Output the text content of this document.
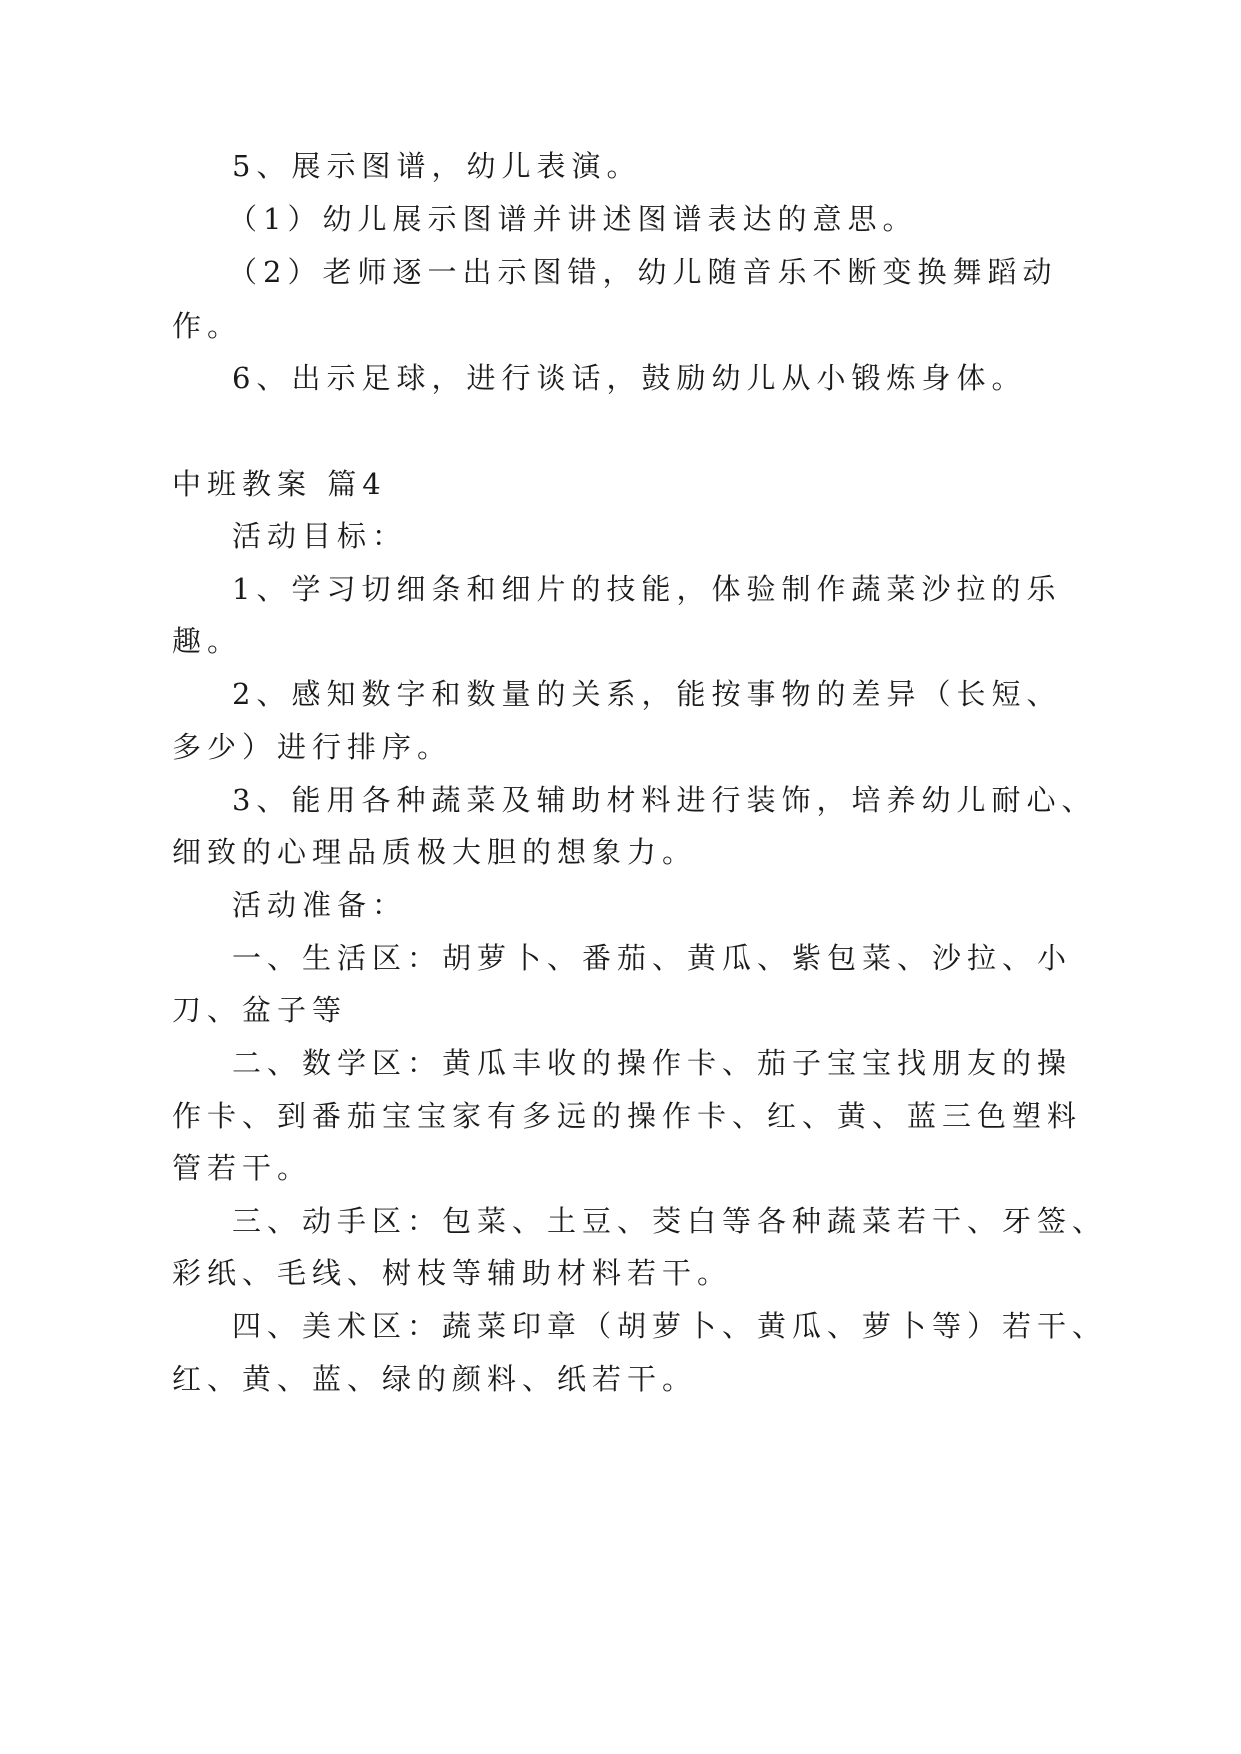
5、展示图谱，幼儿表演。
（1）幼儿展示图谱并讲述图谱表达的意思。
（2）老师逐一出示图错，幼儿随音乐不断变换舞蹈动
作。
6、出示足球，进行谈话，鼓励幼儿从小锻炼身体。
中班教案 篇4
活动目标：
1、学习切细条和细片的技能，体验制作蔬菜沙拉的乐
趣。
2、感知数字和数量的关系，能按事物的差异（长短、
多少）进行排序。
3、能用各种蔬菜及辅助材料进行装饰，培养幼儿耐心、
细致的心理品质极大胆的想象力。
活动准备：
一、生活区：胡萝卜、番茄、黄瓜、紫包菜、沙拉、小
刀、盆子等
二、数学区：黄瓜丰收的操作卡、茄子宝宝找朋友的操
作卡、到番茄宝宝家有多远的操作卡、红、黄、蓝三色塑料
管若干。
三、动手区：包菜、土豆、茭白等各种蔬菜若干、牙签、
彩纸、毛线、树枝等辅助材料若干。
四、美术区：蔬菜印章（胡萝卜、黄瓜、萝卜等）若干、
红、黄、蓝、绿的颜料、纸若干。
